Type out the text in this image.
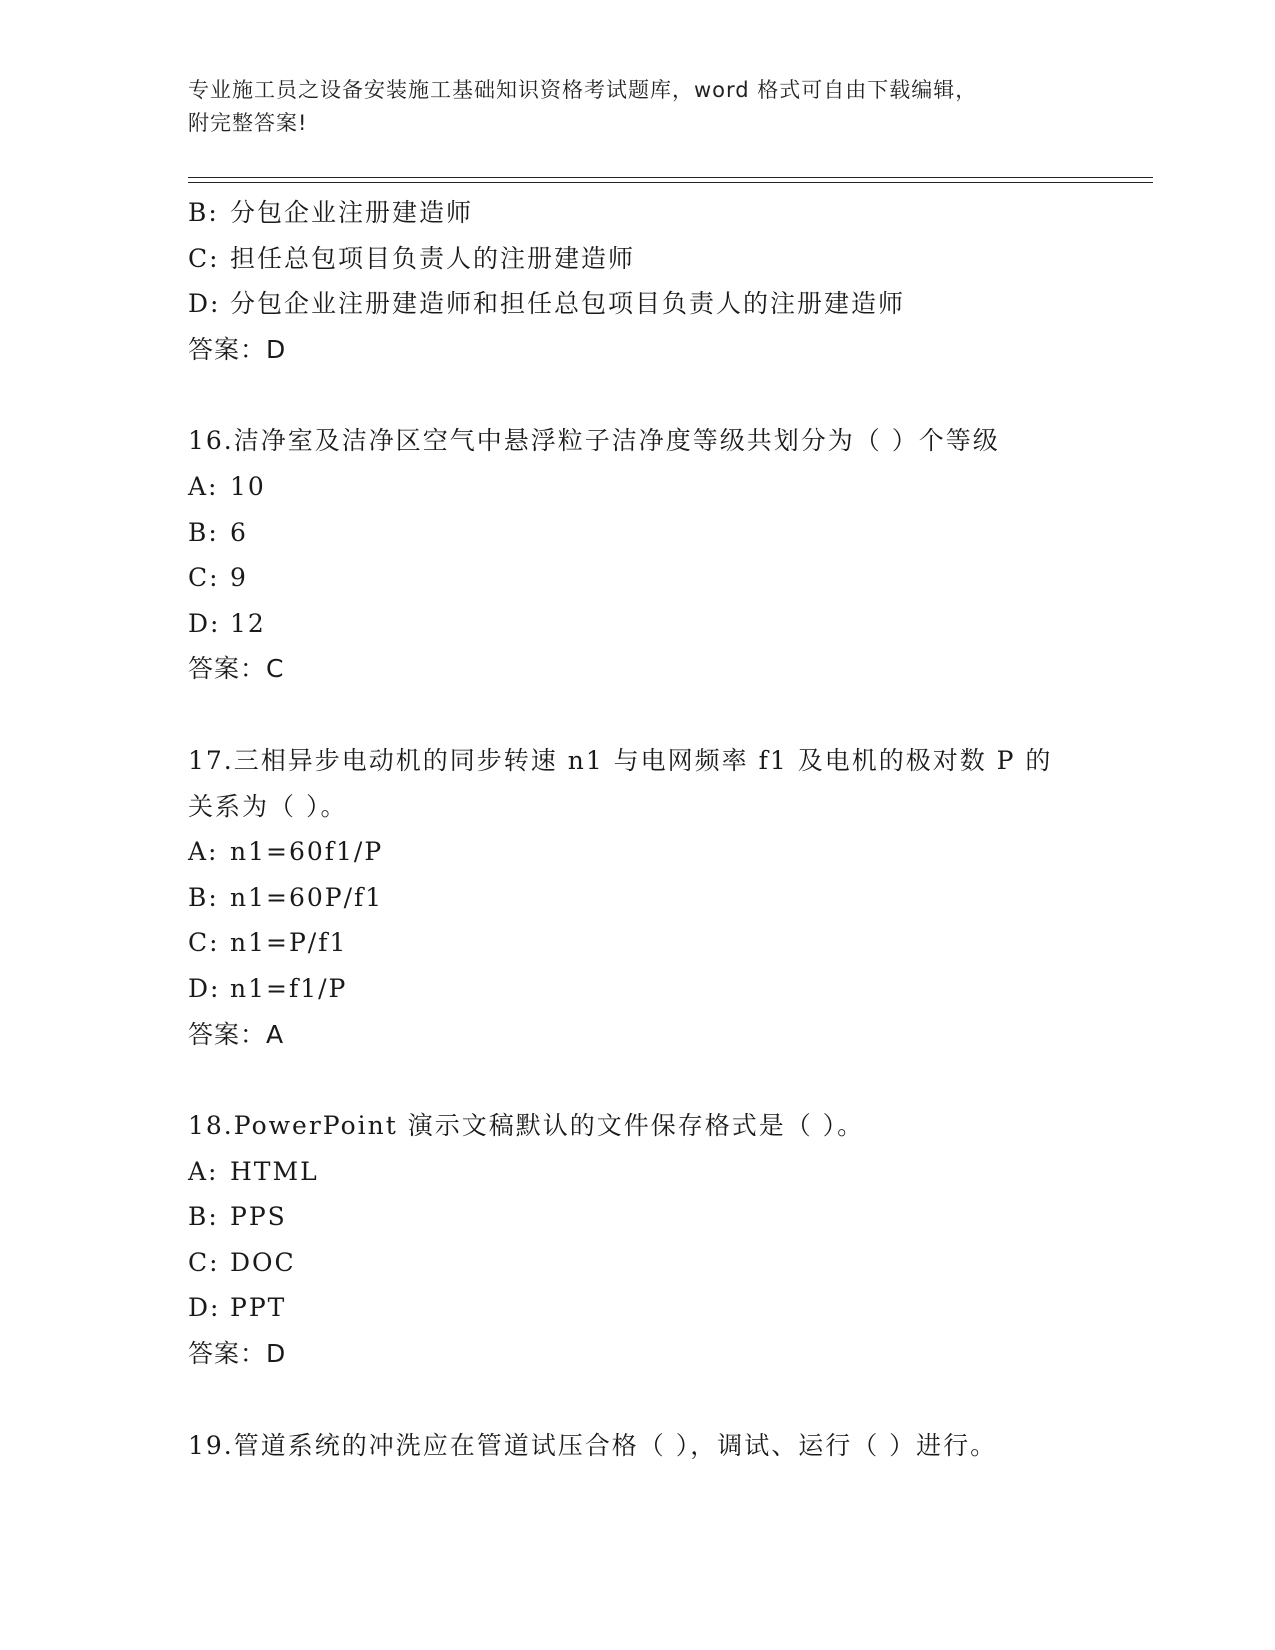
专业施工员之设备安装施工基础知识资格考试题库，word 格式可自由下载编辑，
附完整答案!
B: 分包企业注册建造师
C: 担任总包项目负责人的注册建造师
D: 分包企业注册建造师和担任总包项目负责人的注册建造师
答案：D
16.洁净室及洁净区空气中悬浮粒子洁净度等级共划分为（ ）个等级
A: 10
B: 6
C: 9
D: 12
答案：C
17.三相异步电动机的同步转速 n1 与电网频率 f1 及电机的极对数 P 的
关系为（ ）。
A: n1=60f1/P
B: n1=60P/f1
C: n1=P/f1
D: n1=f1/P
答案：A
18.PowerPoint 演示文稿默认的文件保存格式是（ ）。
A: HTML
B: PPS
C: DOC
D: PPT
答案：D
19.管道系统的冲洗应在管道试压合格（ ），调试、运行（ ）进行。
